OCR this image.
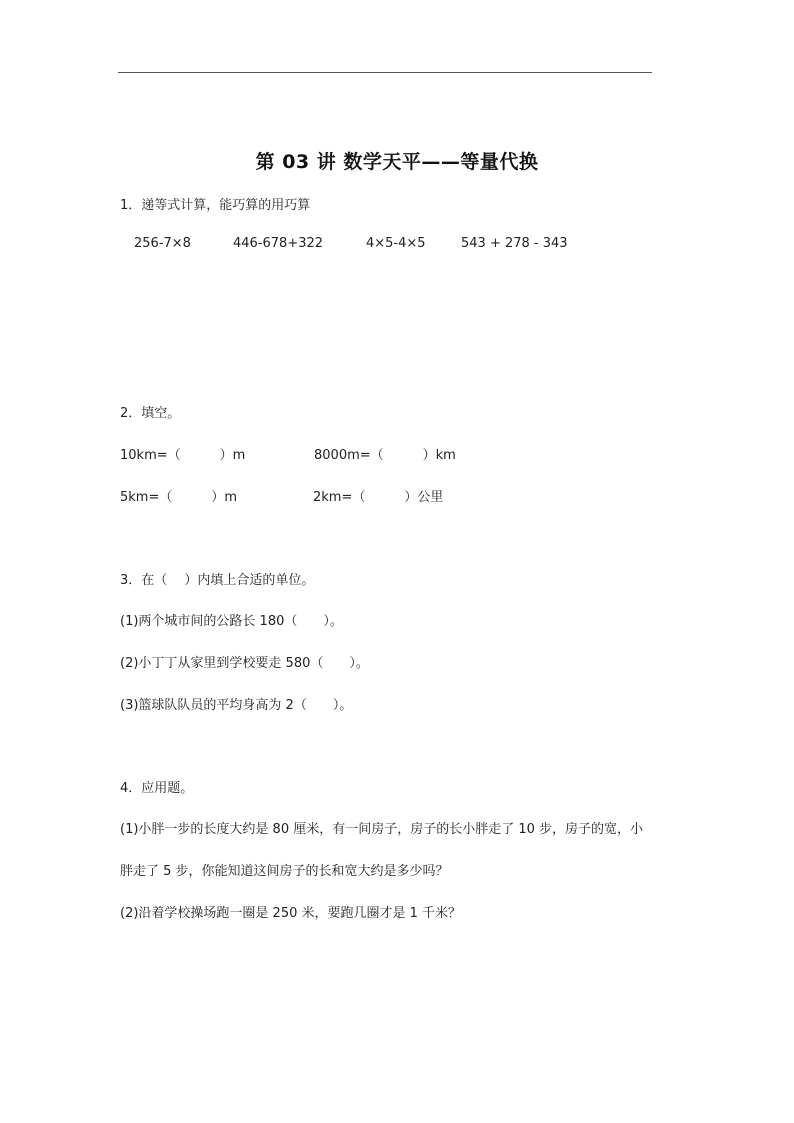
第 03 讲 数学天平——等量代换
1．递等式计算，能巧算的用巧算
256-7×8	446-678+322	4×5-4×5	543 + 278 - 343
2．填空。
10km=（　　　）m	8000m=（　　　）km
5km=（　　　）m	2km=（　　　）公里
3．在（　 ）内填上合适的单位。
(1)两个城市间的公路长 180（　　）。
(2)小丁丁从家里到学校要走 580（　　）。
(3)篮球队队员的平均身高为 2（　　）。
4．应用题。
(1)小胖一步的长度大约是 80 厘米，有一间房子，房子的长小胖走了 10 步，房子的宽，小
胖走了 5 步，你能知道这间房子的长和宽大约是多少吗？
(2)沿着学校操场跑一圈是 250 米，要跑几圈才是 1 千米？
